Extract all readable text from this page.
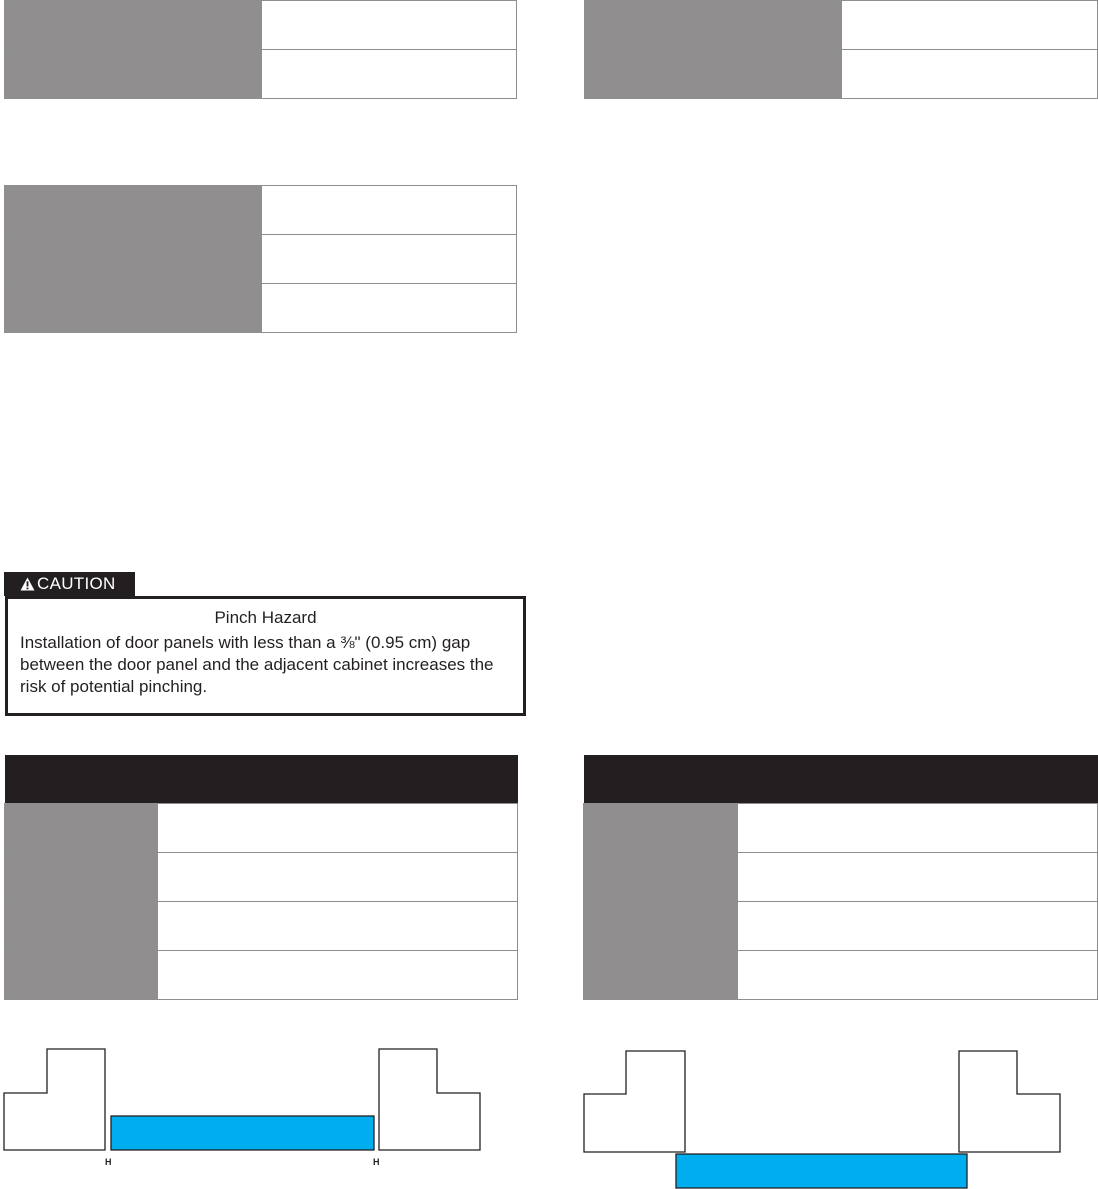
CAUTION
Pinch Hazard
Installation of door panels with less than a ⅜" (0.95 cm) gap between the door panel and the adjacent cabinet increases the risk of potential pinching.

H	H
